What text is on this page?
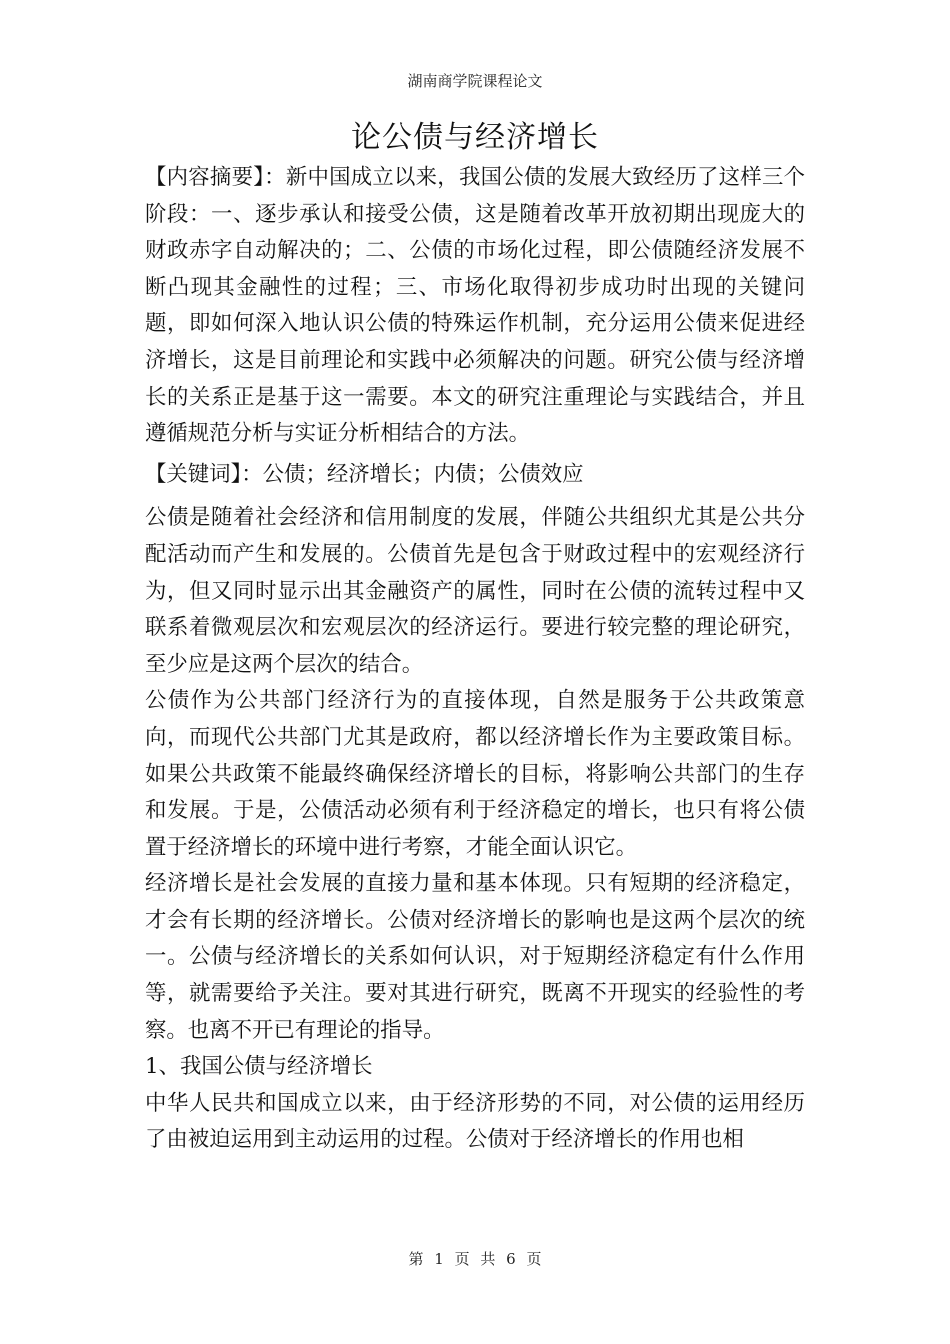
湖南商学院课程论文
论公债与经济增长

【内容摘要】：新中国成立以来，我国公债的发展大致经历了这样三个阶段：一、逐步承认和接受公债，这是随着改革开放初期出现庞大的财政赤字自动解决的；二、公债的市场化过程，即公债随经济发展不断凸现其金融性的过程；三、市场化取得初步成功时出现的关键问题，即如何深入地认识公债的特殊运作机制，充分运用公债来促进经济增长，这是目前理论和实践中必须解决的问题。研究公债与经济增长的关系正是基于这一需要。本文的研究注重理论与实践结合，并且遵循规范分析与实证分析相结合的方法。

【关键词】：公债；经济增长；内债；公债效应

公债是随着社会经济和信用制度的发展，伴随公共组织尤其是公共分配活动而产生和发展的。公债首先是包含于财政过程中的宏观经济行为，但又同时显示出其金融资产的属性，同时在公债的流转过程中又联系着微观层次和宏观层次的经济运行。要进行较完整的理论研究，至少应是这两个层次的结合。

公债作为公共部门经济行为的直接体现，自然是服务于公共政策意向，而现代公共部门尤其是政府，都以经济增长作为主要政策目标。如果公共政策不能最终确保经济增长的目标，将影响公共部门的生存和发展。于是，公债活动必须有利于经济稳定的增长，也只有将公债置于经济增长的环境中进行考察，才能全面认识它。

经济增长是社会发展的直接力量和基本体现。只有短期的经济稳定，才会有长期的经济增长。公债对经济增长的影响也是这两个层次的统一。公债与经济增长的关系如何认识，对于短期经济稳定有什么作用等，就需要给予关注。要对其进行研究，既离不开现实的经验性的考察。也离不开已有理论的指导。

1、我国公债与经济增长

中华人民共和国成立以来，由于经济形势的不同，对公债的运用经历了由被迫运用到主动运用的过程。公债对于经济增长的作用也相

第 1 页 共 6 页
